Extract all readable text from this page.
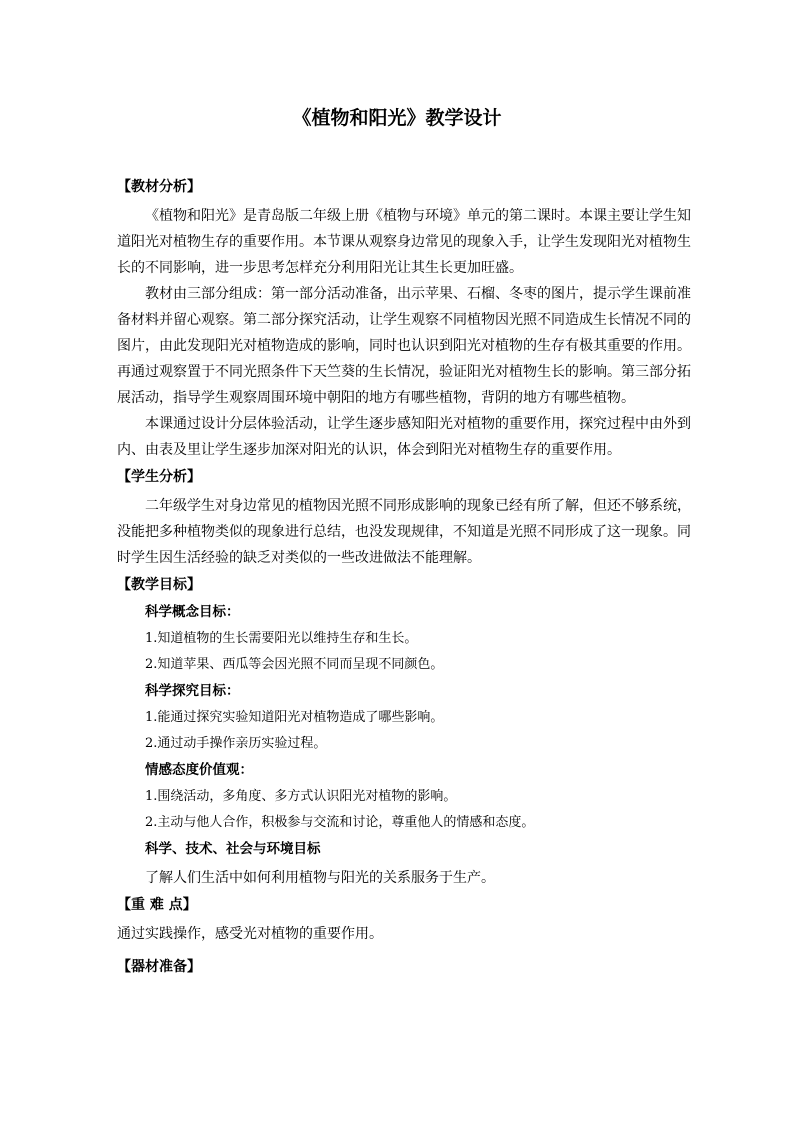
《植物和阳光》教学设计
【教材分析】

《植物和阳光》是青岛版二年级上册《植物与环境》单元的第二课时。本课主要让学生知道阳光对植物生存的重要作用。本节课从观察身边常见的现象入手，让学生发现阳光对植物生长的不同影响，进一步思考怎样充分利用阳光让其生长更加旺盛。

教材由三部分组成：第一部分活动准备，出示苹果、石榴、冬枣的图片，提示学生课前准备材料并留心观察。第二部分探究活动，让学生观察不同植物因光照不同造成生长情况不同的图片，由此发现阳光对植物造成的影响，同时也认识到阳光对植物的生存有极其重要的作用。再通过观察置于不同光照条件下天竺葵的生长情况，验证阳光对植物生长的影响。第三部分拓展活动，指导学生观察周围环境中朝阳的地方有哪些植物，背阴的地方有哪些植物。

本课通过设计分层体验活动，让学生逐步感知阳光对植物的重要作用，探究过程中由外到内、由表及里让学生逐步加深对阳光的认识，体会到阳光对植物生存的重要作用。

【学生分析】

二年级学生对身边常见的植物因光照不同形成影响的现象已经有所了解，但还不够系统，没能把多种植物类似的现象进行总结，也没发现规律，不知道是光照不同形成了这一现象。同时学生因生活经验的缺乏对类似的一些改进做法不能理解。

【教学目标】
科学概念目标：
1.知道植物的生长需要阳光以维持生存和生长。
2.知道苹果、西瓜等会因光照不同而呈现不同颜色。
科学探究目标：
1.能通过探究实验知道阳光对植物造成了哪些影响。
2.通过动手操作亲历实验过程。
情感态度价值观：
1.围绕活动，多角度、多方式认识阳光对植物的影响。
2.主动与他人合作，积极参与交流和讨论，尊重他人的情感和态度。
科学、技术、社会与环境目标

了解人们生活中如何利用植物与阳光的关系服务于生产。

【重 难 点】

通过实践操作，感受光对植物的重要作用。

【器材准备】
